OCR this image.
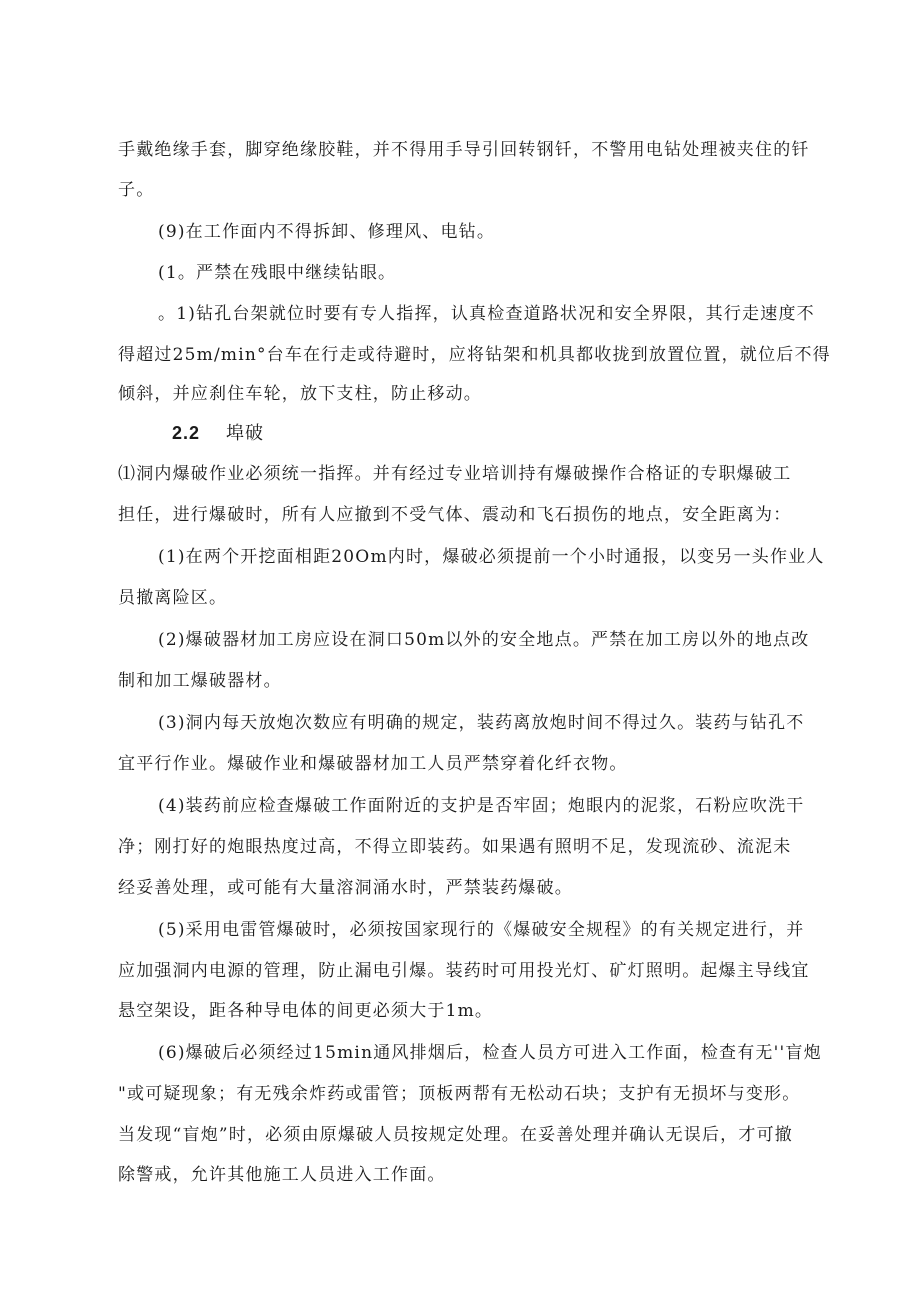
手戴绝缘手套，脚穿绝缘胶鞋，并不得用手导引回转钢钎，不警用电钻处理被夹住的钎
子。
(9)在工作面内不得拆卸、修理风、电钻。
(1。严禁在残眼中继续钻眼。
。1)钻孔台架就位时要有专人指挥，认真检查道路状况和安全界限，其行走速度不
得超过25m∕min°台车在行走或待避时，应将钻架和机具都收拢到放置位置，就位后不得
倾斜，并应刹住车轮，放下支柱，防止移动。
2.2 埠破
⑴洞内爆破作业必须统一指挥。并有经过专业培训持有爆破操作合格证的专职爆破工
担任，进行爆破时，所有人应撤到不受气体、震动和飞石损伤的地点，安全距离为：
(1)在两个开挖面相距20Om内时，爆破必须提前一个小时通报，以变另一头作业人
员撤离险区。
(2)爆破器材加工房应设在洞口50m以外的安全地点。严禁在加工房以外的地点改
制和加工爆破器材。
(3)洞内每天放炮次数应有明确的规定，装药离放炮时间不得过久。装药与钻孔不
宜平行作业。爆破作业和爆破器材加工人员严禁穿着化纤衣物。
(4)装药前应检查爆破工作面附近的支护是否牢固；炮眼内的泥浆，石粉应吹洗干
净；刚打好的炮眼热度过高，不得立即装药。如果遇有照明不足，发现流砂、流泥未
经妥善处理，或可能有大量溶洞涌水时，严禁装药爆破。
(5)采用电雷管爆破时，必须按国家现行的《爆破安全规程》的有关规定进行，并
应加强洞内电源的管理，防止漏电引爆。装药时可用投光灯、矿灯照明。起爆主导线宜
悬空架设，距各种导电体的间更必须大于1m。
(6)爆破后必须经过15min通风排烟后，检查人员方可进入工作面，检查有无''盲炮
"或可疑现象；有无残余炸药或雷管；顶板两帮有无松动石块；支护有无损坏与变形。
当发现“盲炮”时，必须由原爆破人员按规定处理。在妥善处理并确认无误后，才可撤
除警戒，允许其他施工人员进入工作面。
